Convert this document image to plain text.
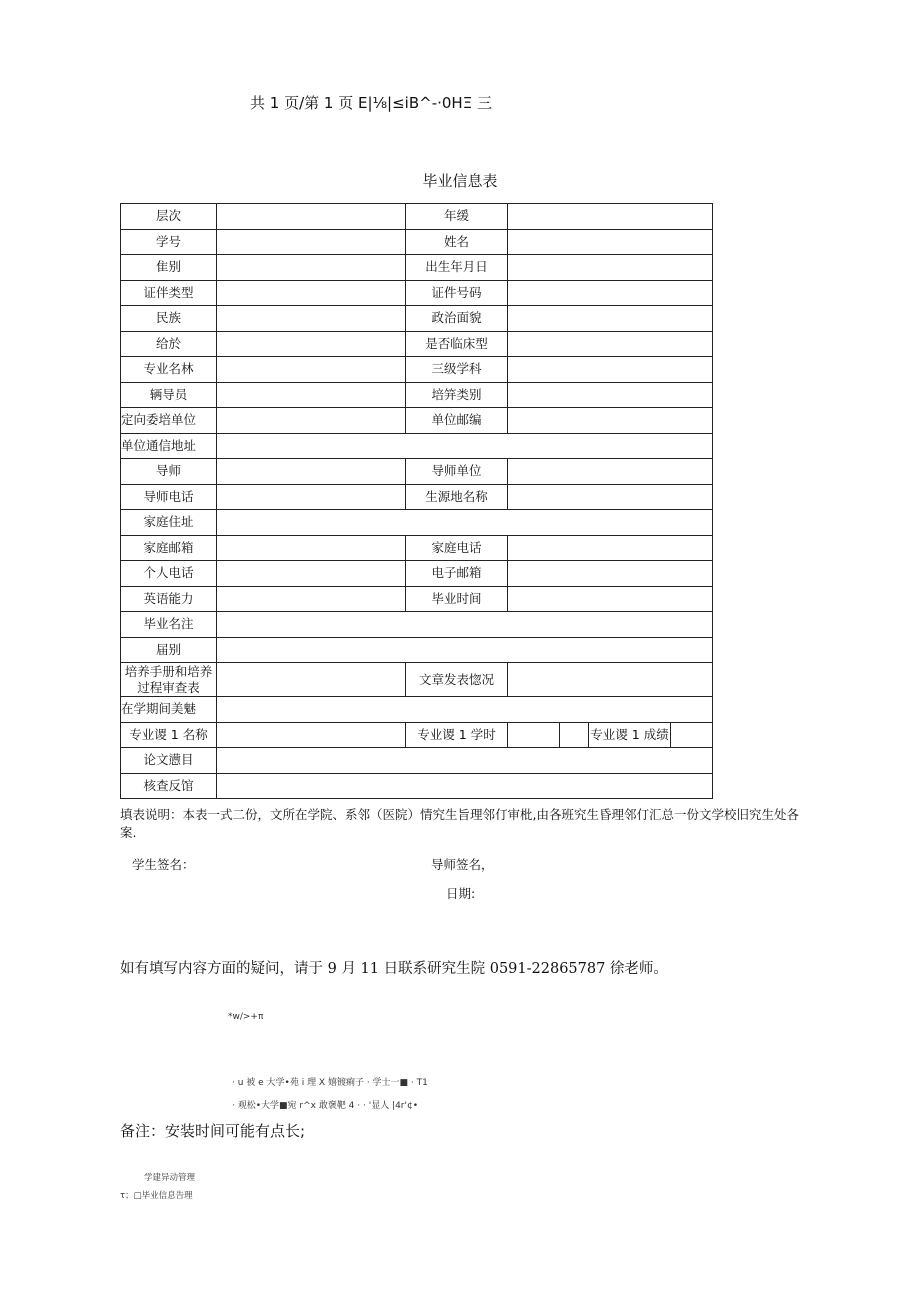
共 1 页/第 1 页 E|⅛|≤iB^-·0HΞ 三
毕业信息表
层次		年缓				
学号		姓名				
隹别		出生年月日				
证伴类型		证件号码				
民族		政治面貌				
给於		是否临床型				
专业名林		三级学科				
辆导员		培笄类别				
定向委培单位		单位邮编				
单位通信地址						
导师		导师单位				
导师电话		生源地名称				
家庭住址						
家庭邮箱		家庭电话				
个人电话		电子邮箱				
英语能力		毕业时间				
毕业名注						
届别						
培养手册和培养过程审查表		文章发表惚况				
在学期间美魅						
专业谡 1 名称		专业谡 1 学时			专业谡 1 成绩	
论文懑目						
核查反馆						
填表说明：本表一式二份，文所在学院、系邻（医院）情究生旨理邻仃审枇,由各班究生昏理邻仃汇总一份文学校旧究生处各案.
学生签名：	导师签名，
日期:
如有填写内容方面的疑问，请于 9 月 11 日联系研究生院 0591-22865787 徐老师。
*w/>+π
· u 被 e 大学•苑 i 理 X 嬉镀痢子 · 学士一■ · T1
· 观松•大学■宛 r^x 敢褒靶 4 · · '显人 |4r'¢•
备注：安装时间可能有点长;
学建异动管理
τ；□毕业信息告理
